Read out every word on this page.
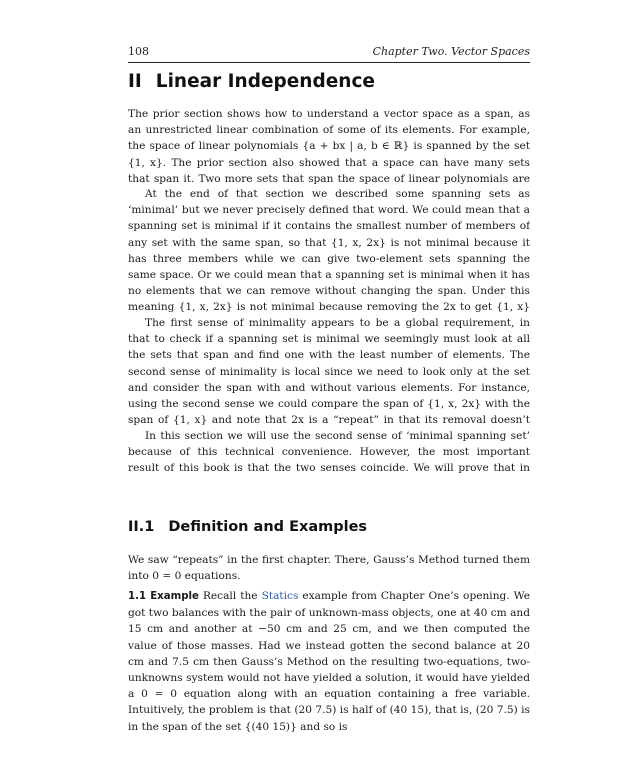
108	Chapter Two. Vector Spaces
II Linear Independence

The prior section shows how to understand a vector space as a span, as an unrestricted linear combination of some of its elements. For example, the space of linear polynomials {a + bx | a, b ∈ ℝ} is spanned by the set {1, x}. The prior section also showed that a space can have many sets that span it. Two more sets that span the space of linear polynomials are

At the end of that section we described some spanning sets as ‘minimal’ but we never precisely defined that word. We could mean that a spanning set is minimal if it contains the smallest number of members of any set with the same span, so that {1, x, 2x} is not minimal because it has three members while we can give two-element sets spanning the same space. Or we could mean that a spanning set is minimal when it has no elements that we can remove without changing the span. Under this meaning {1, x, 2x} is not minimal because removing the 2x to get {1, x}

The first sense of minimality appears to be a global requirement, in that to check if a spanning set is minimal we seemingly must look at all the sets that span and find one with the least number of elements. The second sense of minimality is local since we need to look only at the set and consider the span with and without various elements. For instance, using the second sense we could compare the span of {1, x, 2x} with the span of {1, x} and note that 2x is a “repeat” in that its removal doesn’t

In this section we will use the second sense of ‘minimal spanning set’ because of this technical convenience. However, the most important result of this book is that the two senses coincide. We will prove that in

II.1 Definition and Examples

We saw “repeats” in the first chapter. There, Gauss’s Method turned them into 0 = 0 equations.

1.1 Example Recall the Statics example from Chapter One’s opening. We got two balances with the pair of unknown-mass objects, one at 40 cm and 15 cm and another at −50 cm and 25 cm, and we then computed the value of those masses. Had we instead gotten the second balance at 20 cm and 7.5 cm then Gauss’s Method on the resulting two-equations, two-unknowns system would not have yielded a solution, it would have yielded a 0 = 0 equation along with an equation containing a free variable. Intuitively, the problem is that (20 7.5) is half of (40 15), that is, (20 7.5) is in the span of the set {(40 15)} and so is
